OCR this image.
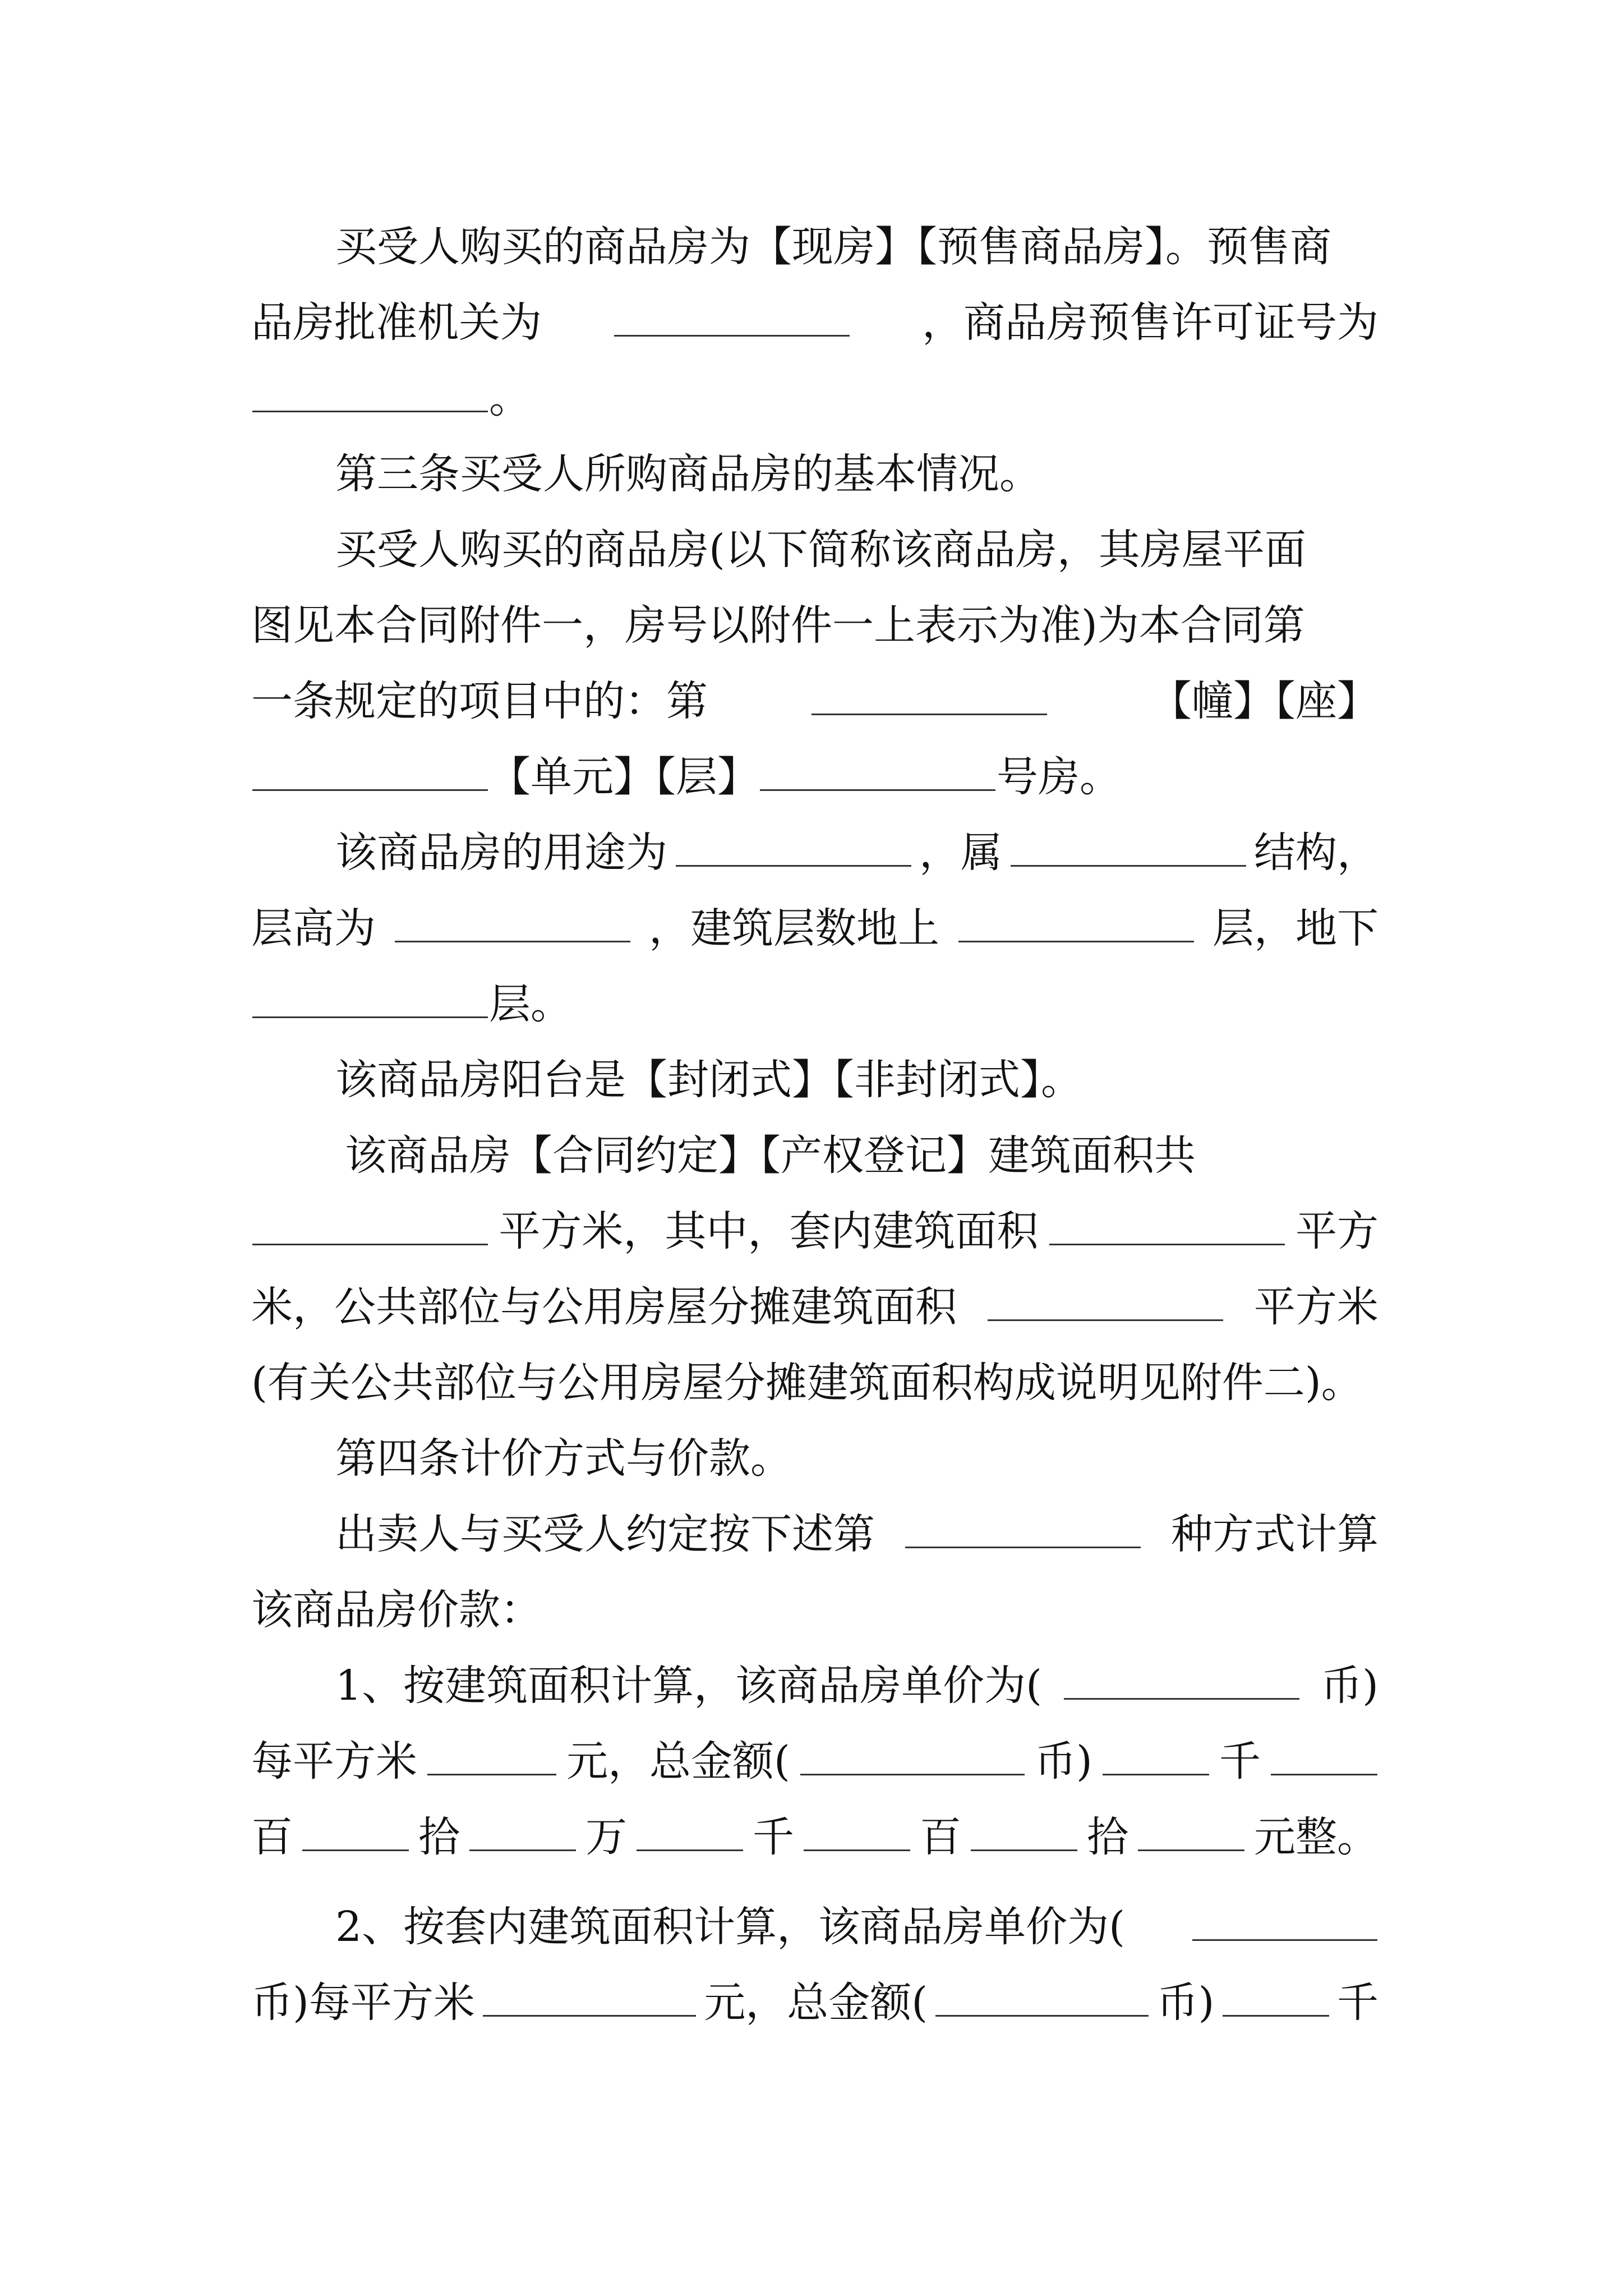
买受人购买的商品房为【现房】【预售商品房】。预售商
品房批准机关为	，商品房预售许可证号为
。
第三条买受人所购商品房的基本情况。
买受人购买的商品房(以下简称该商品房，其房屋平面
图见本合同附件一，房号以附件一上表示为准)为本合同第
一条规定的项目中的：第	【幢】【座】
【单元】【层】	号房。
该商品房的用途为	，属	结构，
层高为	，建筑层数地上	层，地下
层。
该商品房阳台是【封闭式】【非封闭式】。
该商品房【合同约定】【产权登记】建筑面积共
平方米，其中，套内建筑面积	平方
米，公共部位与公用房屋分摊建筑面积	平方米
(有关公共部位与公用房屋分摊建筑面积构成说明见附件二)。
第四条计价方式与价款。
出卖人与买受人约定按下述第	种方式计算
该商品房价款：
1、按建筑面积计算，该商品房单价为(	币)
每平方米	元，总金额(	币)	千
百	拾	万	千	百	拾	元整。
2、按套内建筑面积计算，该商品房单价为(
币)每平方米	元，总金额(	币)	千
